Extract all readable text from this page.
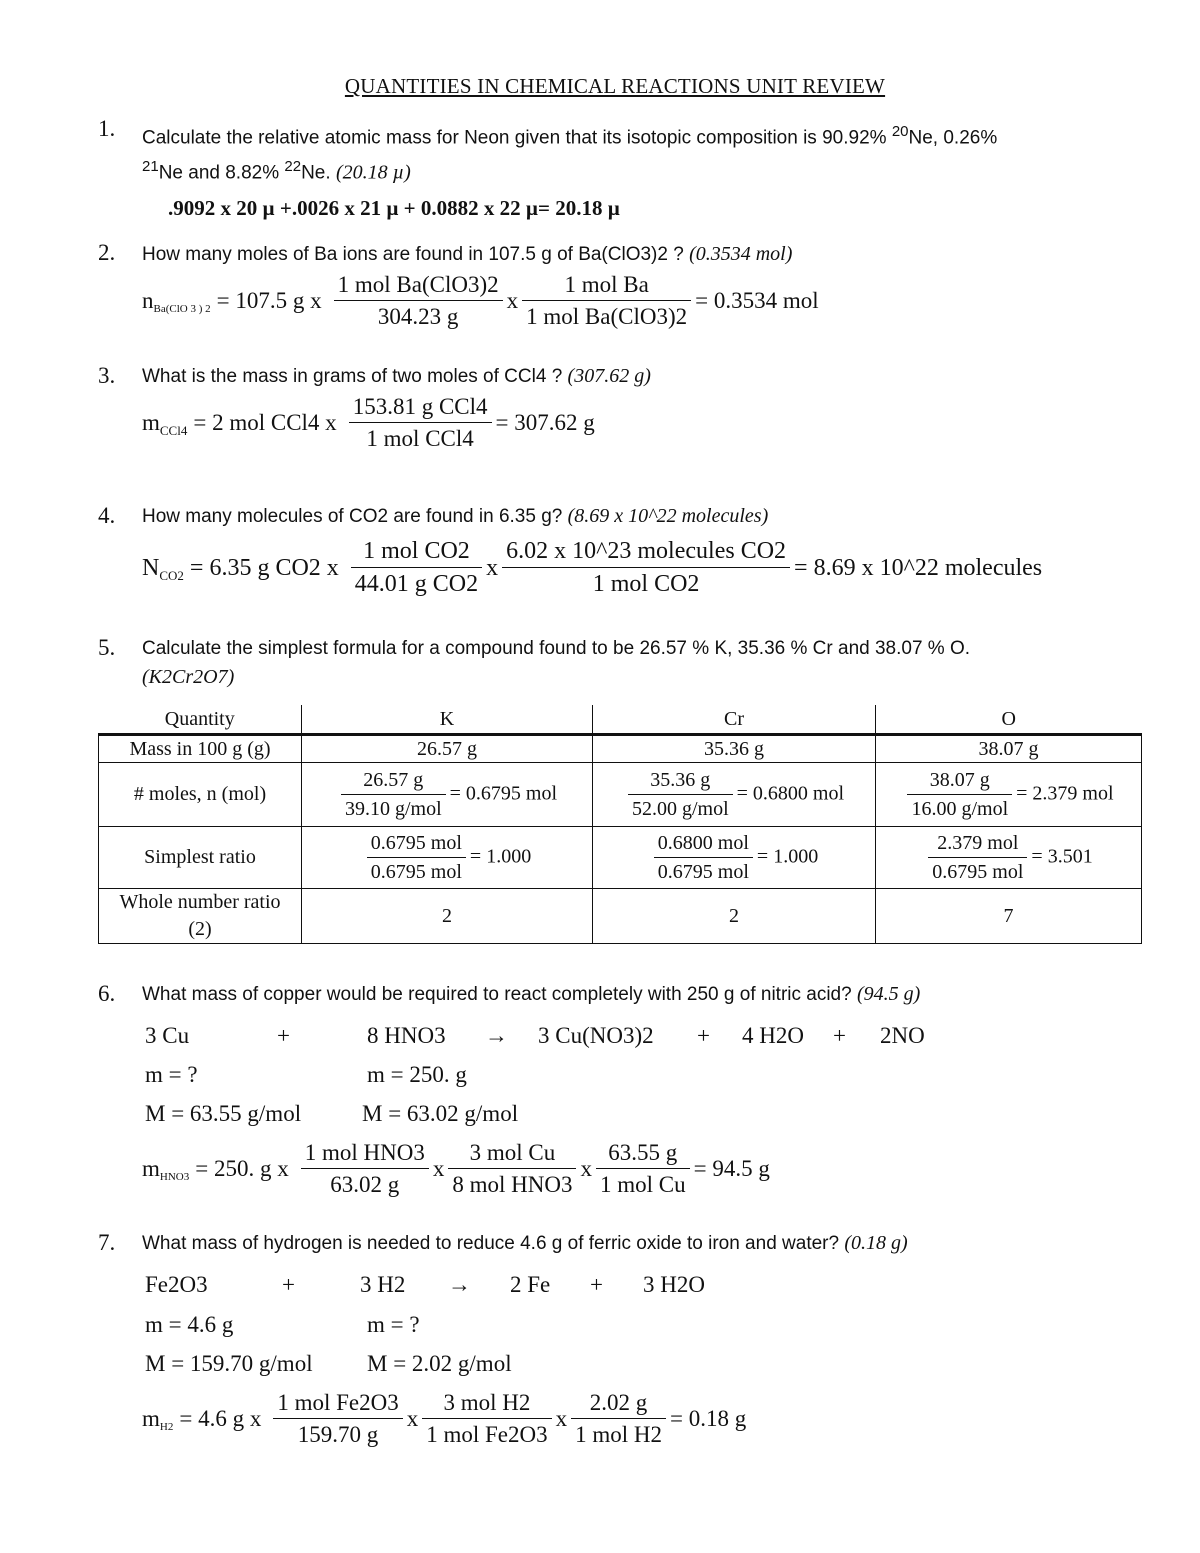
QUANTITIES IN CHEMICAL REACTIONS UNIT REVIEW
1. Calculate the relative atomic mass for Neon given that its isotopic composition is 90.92% $^{20}$Ne, 0.26%
$^{21}$Ne and 8.82% $^{22}$Ne. (20.18 µ)
.9092 x 20 µ +.0026 x 21 µ + 0.0882 x 22 µ= 20.18 µ
2. How many moles of Ba ions are found in 107.5 g of Ba(ClO3)2 ? (0.3534 mol)
$n_{Ba(ClO 3 ) 2} = 107.5$ g x $\frac{\text{1 mol Ba(ClO3)2}}{304.23 g}$ x $\frac{\text{1 mol Ba}}{\text{1 mol Ba(ClO3)2}} = 0.3534$ mol
3. What is the mass in grams of two moles of CCl4 ? (307.62 g)
$m_{CCl4} = 2$ mol CCl4 x $\frac{\text{153.81 g CCl4}}{\text{1 mol CCl4}} = 307.62$ g
4. How many molecules of CO2 are found in 6.35 g? (8.69 x 10^22 molecules)
$N_{CO2} = 6.35$ g CO2 x $\frac{\text{1 mol CO2}}{\text{44.01 g CO2}}$ x $\frac{\text{6.02 x 10\textasciicircum{}23 molecules CO2}}{\text{1 mol CO2}} = 8.69$ x 10^22 molecules
5. Calculate the simplest formula for a compound found to be 26.57 % K, 35.36 % Cr and 38.07 % O.
(K2Cr2O7)
Quantity	K	Cr	O
Mass in 100 g (g)	26.57 g	35.36 g	38.07 g
# moles, n (mol)	$\frac{26.57 g}{\text{39.10 g/mol}} = 0.6795$ mol	$\frac{35.36 g}{\text{52.00 g/mol}} = 0.6800$ mol	$\frac{38.07 g}{\text{16.00 g/mol}} = 2.379$ mol
Simplest ratio	$\frac{\text{0.6795 mol}}{\text{0.6795 mol}} = 1.000$	$\frac{\text{0.6800 mol}}{\text{0.6795 mol}} = 1.000$	$\frac{\text{2.379 mol}}{\text{0.6795 mol}} = 3.501$
Whole number ratio (2)	2	2	7
6. What mass of copper would be required to react completely with 250 g of nitric acid? (94.5 g)
3 Cu	+	8 HNO3 → 3 Cu(NO3)2 + 4 H2O + 2NO
m = ?	m = 250. g
M = 63.55 g/mol	M = 63.02 g/mol
$m_{HNO3} = 250$. g x $\frac{\text{1 mol HNO3}}{63.02 g}$ x $\frac{\text{3 mol Cu}}{\text{8 mol HNO3}}$ x $\frac{63.55 g}{\text{1 mol Cu}} = 94.5$ g
7. What mass of hydrogen is needed to reduce 4.6 g of ferric oxide to iron and water? (0.18 g)
Fe2O3	+	3 H2 → 2 Fe + 3 H2O
m = 4.6 g	m = ?
M = 159.70 g/mol M = 2.02 g/mol
$m_{H2} = 4.6$ g x $\frac{\text{1 mol Fe2O3}}{159.70 g}$ x $\frac{\text{3 mol H2}}{\text{1 mol Fe2O3}}$ x $\frac{2.02 g}{\text{1 mol H2}} = 0.18$ g
